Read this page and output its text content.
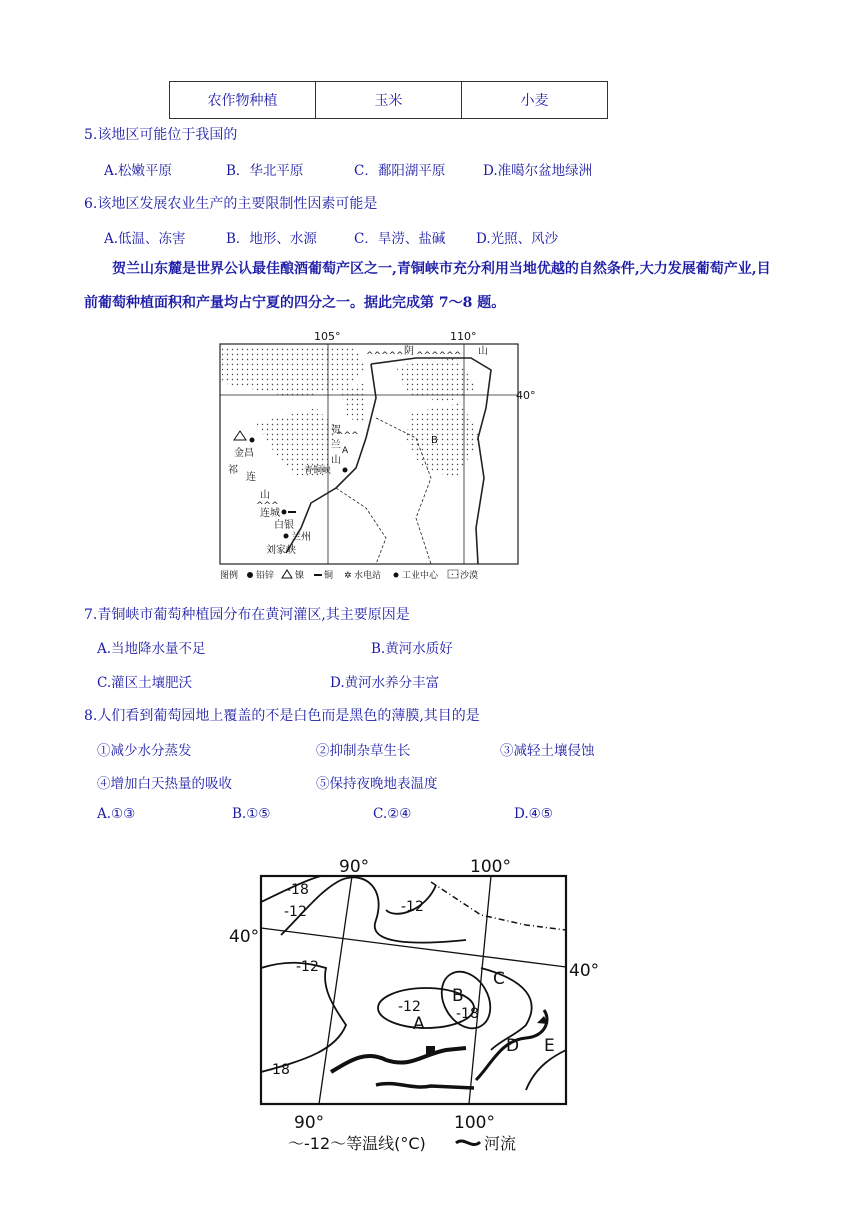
农作物种植	玉米	小麦
5.该地区可能位于我国的
A.松嫩平原	B．华北平原	C．鄱阳湖平原	D.准噶尔盆地绿洲
6.该地区发展农业生产的主要限制性因素可能是
A.低温、冻害	B．地形、水源	C．旱涝、盐碱 D.光照、风沙
贺兰山东麓是世界公认最佳酿酒葡萄产区之一,青铜峡市充分利用当地优越的自然条件,大力发展葡萄产业,目前葡萄种植面积和产量均占宁夏的四分之一。据此完成第 7～8 题。
105°	110°
40°
^^^^^ ^^^^^^
^^^
^^^
阴	山
贺
兰
山
青铜峡
金昌
祁
连
山
连城
白银
兰州
刘家峡
B
A
图例 铅锌 镍 铜 ✲ 水电站 工业中心 沙漠
7.青铜峡市葡萄种植园分布在黄河灌区,其主要原因是
A.当地降水量不足	B.黄河水质好
C.灌区土壤肥沃	D.黄河水养分丰富
8.人们看到葡萄园地上覆盖的不是白色而是黑色的薄膜,其目的是
①减少水分蒸发	②抑制杂草生长	③减轻土壤侵蚀
④增加白天热量的吸收	⑤保持夜晚地表温度
A.①③	B.①⑤	C.②④	D.④⑤
90°	100°
40°
40°
90°	100°
-18
-12	-12
-12
-12	-18
-18
A
B
C
D E
～-12～等温线(°C)	河流
